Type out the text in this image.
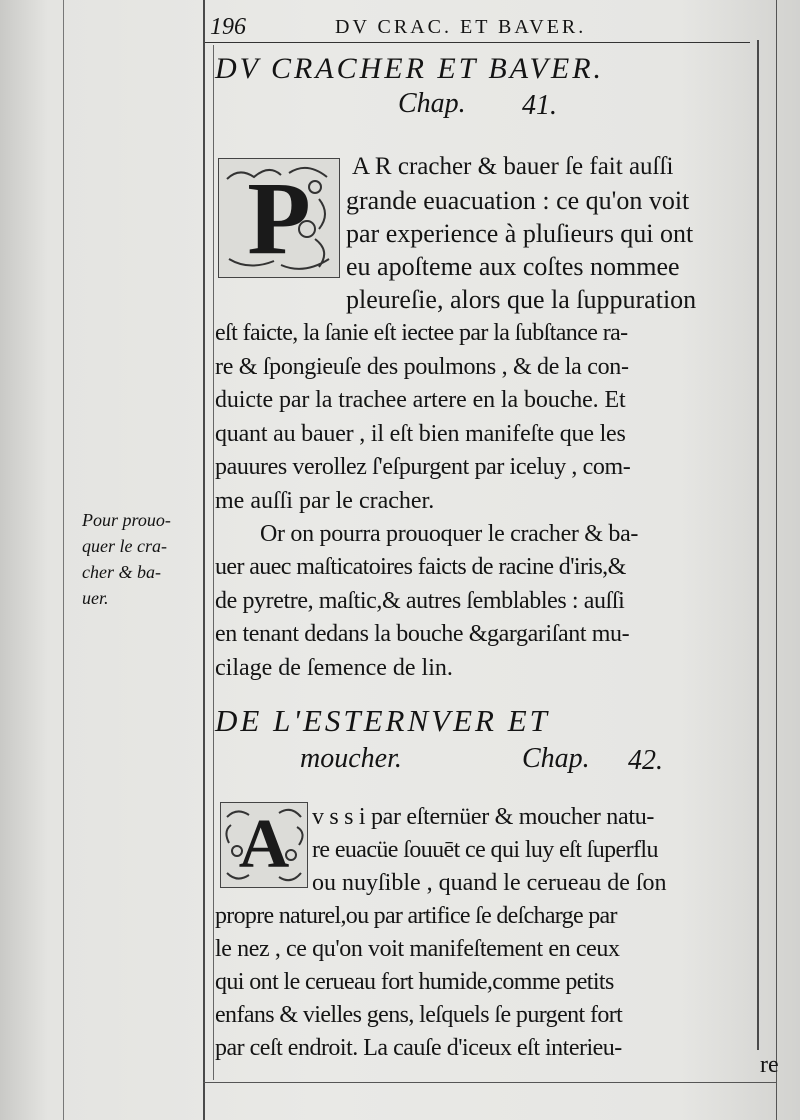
196	DV CRAC. ET BAVER.
DV CRACHER ET BAVER.
Chap. 41.
P	A R cracher & bauer ſe fait auſſi
grande euacuation : ce qu'on voit
par experience à pluſieurs qui ont
eu apoſteme aux coſtes nommee
pleureſie, alors que la ſuppuration
eſt faicte, la ſanie eſt iectee par la ſubſtance ra-
re & ſpongieuſe des poulmons , & de la con-
duicte par la trachee artere en la bouche. Et
quant au bauer , il eſt bien manifeſte que les
pauures verollez ſ'eſpurgent par iceluy , com-
me auſſi par le cracher.
Or on pourra prouoquer le cracher & ba-
uer auec maſticatoires faicts de racine d'iris,&
de pyretre, maſtic,& autres ſemblables : auſſi
en tenant dedans la bouche &gargariſant mu-
cilage de ſemence de lin.
Pour prouo-
quer le cra-
cher & ba-
uer.
DE L'ESTERNVER ET
moucher.	Chap. 42.
A v s s i par eſternüer & moucher natu-
re euacüe ſouuēt ce qui luy eſt ſuperflu
ou nuyſible , quand le cerueau de ſon
propre naturel,ou par artifice ſe deſcharge par
le nez , ce qu'on voit manifeſtement en ceux
qui ont le cerueau fort humide,comme petits
enfans & vielles gens, leſquels ſe purgent fort
par ceſt endroit. La cauſe d'iceux eſt interieu-
re
